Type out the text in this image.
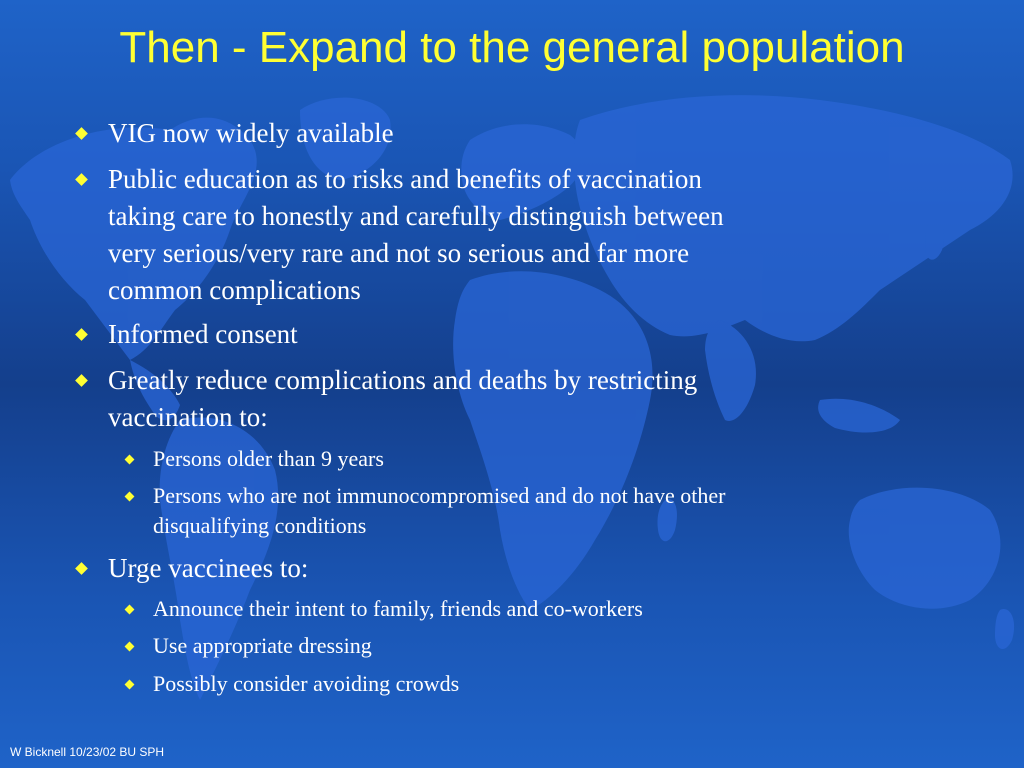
Then - Expand to the general population
VIG now widely available
Public education as to risks and benefits of vaccination
taking care to honestly and carefully distinguish between
very serious/very rare and not so serious and far more
common complications
Informed consent
Greatly reduce complications and deaths by restricting
vaccination to:
Persons older than 9 years
Persons who are not immunocompromised and do not have other
disqualifying conditions
Urge vaccinees to:
Announce their intent to family, friends and co-workers
Use appropriate dressing
Possibly consider avoiding crowds
W Bicknell 10/23/02 BU SPH
